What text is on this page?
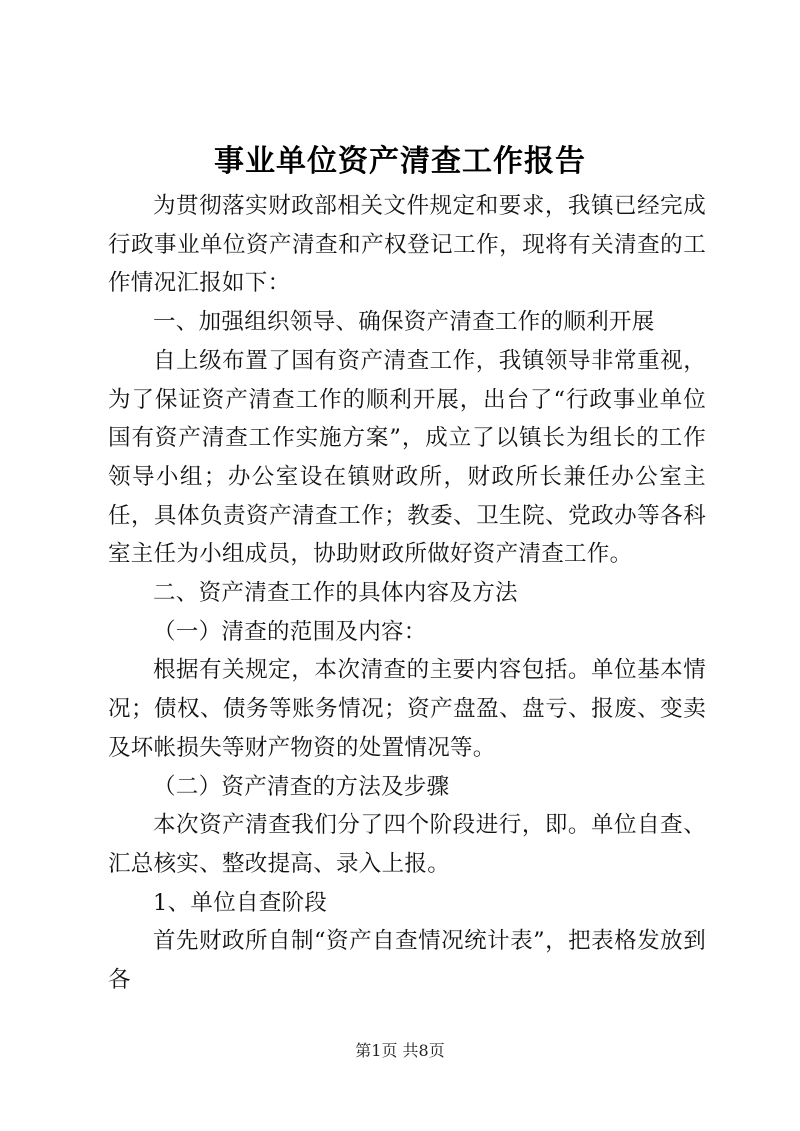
事业单位资产清查工作报告

为贯彻落实财政部相关文件规定和要求，我镇已经完成行政事业单位资产清查和产权登记工作，现将有关清查的工作情况汇报如下：

一、加强组织领导、确保资产清查工作的顺利开展

自上级布置了国有资产清查工作，我镇领导非常重视，为了保证资产清查工作的顺利开展，出台了“行政事业单位国有资产清查工作实施方案”，成立了以镇长为组长的工作领导小组；办公室设在镇财政所，财政所长兼任办公室主任，具体负责资产清查工作；教委、卫生院、党政办等各科室主任为小组成员，协助财政所做好资产清查工作。

二、资产清查工作的具体内容及方法

（一）清查的范围及内容：

根据有关规定，本次清查的主要内容包括。单位基本情况；债权、债务等账务情况；资产盘盈、盘亏、报废、变卖及坏帐损失等财产物资的处置情况等。

（二）资产清查的方法及步骤

本次资产清查我们分了四个阶段进行，即。单位自查、汇总核实、整改提高、录入上报。

1、单位自查阶段

首先财政所自制“资产自查情况统计表”，把表格发放到各

第1页 共8页
